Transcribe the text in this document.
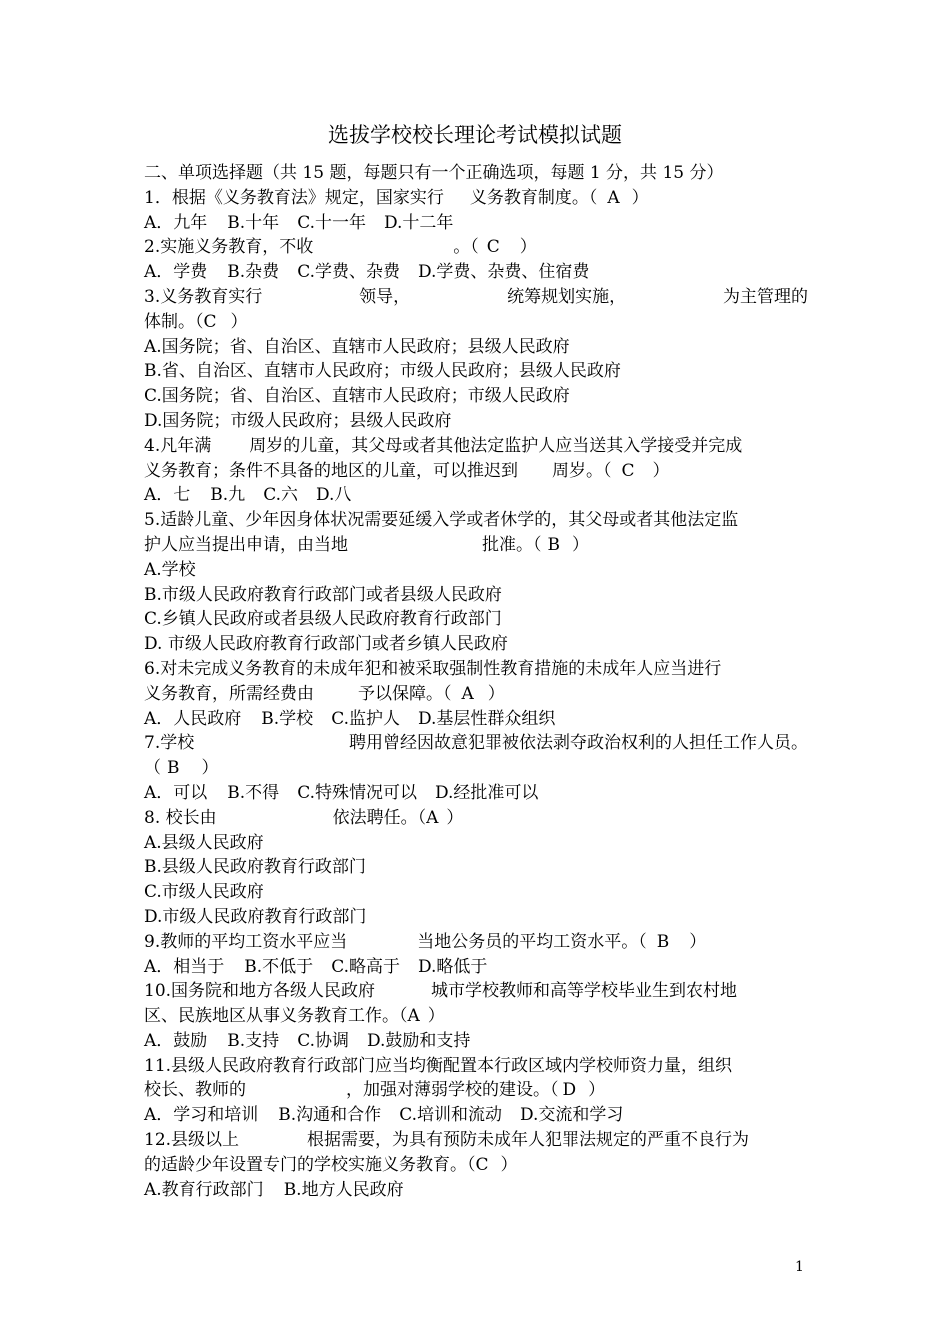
选拔学校校长理论考试模拟试题
二、单项选择题（共 15 题，每题只有一个正确选项，每题 1 分，共 15 分）
1．根据《义务教育法》规定，国家实行 义务教育制度。（ A ）
A．九年 B.十年 C.十一年 D.十二年
2.实施义务教育，不收	。（ C ）
A．学费 B.杂费 C.学费、杂费 D.学费、杂费、住宿费
3.义务教育实行	领导，	统筹规划实施，	为主管理的
体制。（C ）
A.国务院；省、自治区、直辖市人民政府；县级人民政府
B.省、自治区、直辖市人民政府；市级人民政府；县级人民政府
C.国务院；省、自治区、直辖市人民政府；市级人民政府
D.国务院；市级人民政府；县级人民政府
4.凡年满 周岁的儿童，其父母或者其他法定监护人应当送其入学接受并完成
义务教育；条件不具备的地区的儿童，可以推迟到 周岁。（ C ）
A．七 B.九 C.六 D.八
5.适龄儿童、少年因身体状况需要延缓入学或者休学的，其父母或者其他法定监
护人应当提出申请，由当地	批准。（ B ）
A.学校
B.市级人民政府教育行政部门或者县级人民政府
C.乡镇人民政府或者县级人民政府教育行政部门
D. 市级人民政府教育行政部门或者乡镇人民政府
6.对未完成义务教育的未成年犯和被采取强制性教育措施的未成年人应当进行
义务教育，所需经费由	予以保障。（ A ）
A．人民政府 B.学校 C.监护人 D.基层性群众组织
7.学校	聘用曾经因故意犯罪被依法剥夺政治权利的人担任工作人员。
（ B ）
A．可以 B.不得 C.特殊情况可以 D.经批准可以
8. 校长由	依法聘任。（A ）
A.县级人民政府
B.县级人民政府教育行政部门
C.市级人民政府
D.市级人民政府教育行政部门
9.教师的平均工资水平应当	当地公务员的平均工资水平。（ B ）
A．相当于 B.不低于 C.略高于 D.略低于
10.国务院和地方各级人民政府	城市学校教师和高等学校毕业生到农村地
区、民族地区从事义务教育工作。（A ）
A．鼓励 B.支持 C.协调 D.鼓励和支持
11.县级人民政府教育行政部门应当均衡配置本行政区域内学校师资力量，组织
校长、教师的	，加强对薄弱学校的建设。（ D ）
A．学习和培训 B.沟通和合作 C.培训和流动 D.交流和学习
12.县级以上	根据需要，为具有预防未成年人犯罪法规定的严重不良行为
的适龄少年设置专门的学校实施义务教育。（C ）
A.教育行政部门 B.地方人民政府
1
